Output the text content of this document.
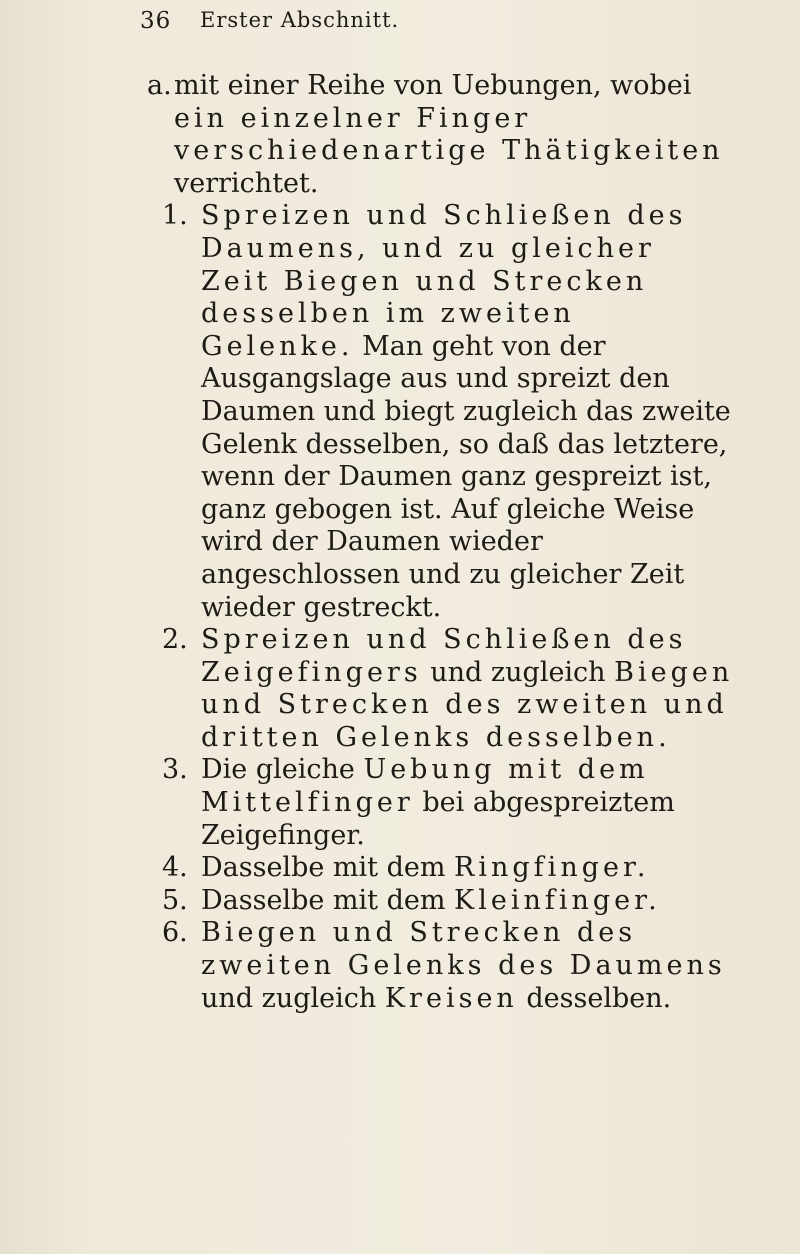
36 Erster Abschnitt.

a. mit einer Reihe von Uebungen, wobei ein einzelner Finger verschiedenartige Thätigkeiten verrichtet.

1. Spreizen und Schließen des Daumens, und zu gleicher Zeit Biegen und Strecken desselben im zweiten Gelenke. Man geht von der Ausgangslage aus und spreizt den Daumen und biegt zugleich das zweite Gelenk desselben, so daß das letztere, wenn der Daumen ganz gespreizt ist, ganz gebogen ist. Auf gleiche Weise wird der Daumen wieder angeschlossen und zu gleicher Zeit wieder gestreckt.

2. Spreizen und Schließen des Zeigefingers und zugleich Biegen und Strecken des zweiten und dritten Gelenks desselben.

3. Die gleiche Uebung mit dem Mittelfinger bei abgespreiztem Zeigefinger.

4. Dasselbe mit dem Ringfinger.

5. Dasselbe mit dem Kleinfinger.

6. Biegen und Strecken des zweiten Gelenks des Daumens und zugleich Kreisen desselben.
